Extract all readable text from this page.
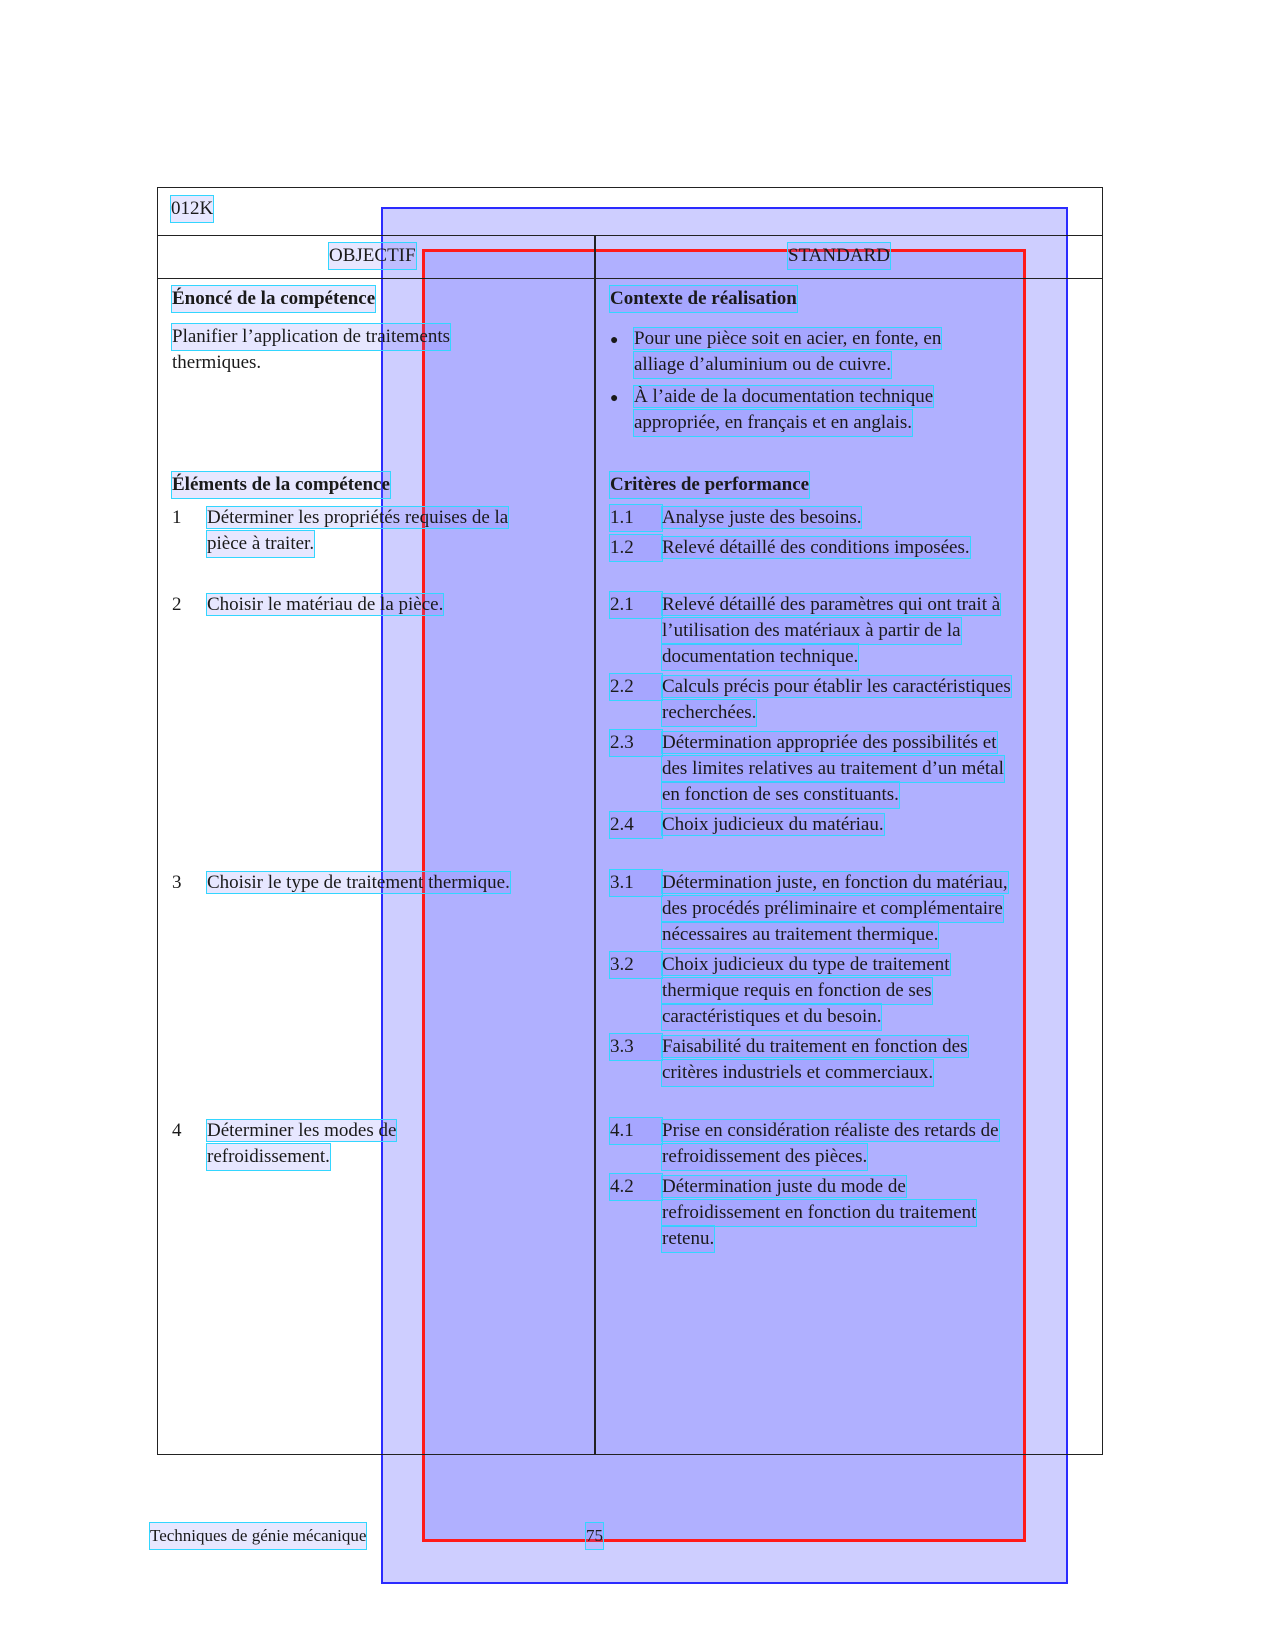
012K
OBJECTIF	STANDARD
Énoncé de la compétence
Planifier l’application de traitements
thermiques.
Éléments de la compétence
1 Déterminer les propriétés requises de la
pièce à traiter.
2 Choisir le matériau de la pièce.
3 Choisir le type de traitement thermique.
4 Déterminer les modes de
refroidissement.
Contexte de réalisation
● Pour une pièce soit en acier, en fonte, en
alliage d’aluminium ou de cuivre.
● À l’aide de la documentation technique
appropriée, en français et en anglais.
Critères de performance
1.1 Analyse juste des besoins.
1.2 Relevé détaillé des conditions imposées.
2.1 Relevé détaillé des paramètres qui ont trait à
l’utilisation des matériaux à partir de la
documentation technique.
2.2 Calculs précis pour établir les caractéristiques
recherchées.
2.3 Détermination appropriée des possibilités et
des limites relatives au traitement d’un métal
en fonction de ses constituants.
2.4 Choix judicieux du matériau.
3.1 Détermination juste, en fonction du matériau,
des procédés préliminaire et complémentaire
nécessaires au traitement thermique.
3.2 Choix judicieux du type de traitement
thermique requis en fonction de ses
caractéristiques et du besoin.
3.3 Faisabilité du traitement en fonction des
critères industriels et commerciaux.
4.1 Prise en considération réaliste des retards de
refroidissement des pièces.
4.2 Détermination juste du mode de
refroidissement en fonction du traitement
retenu.
Techniques de génie mécanique	75
